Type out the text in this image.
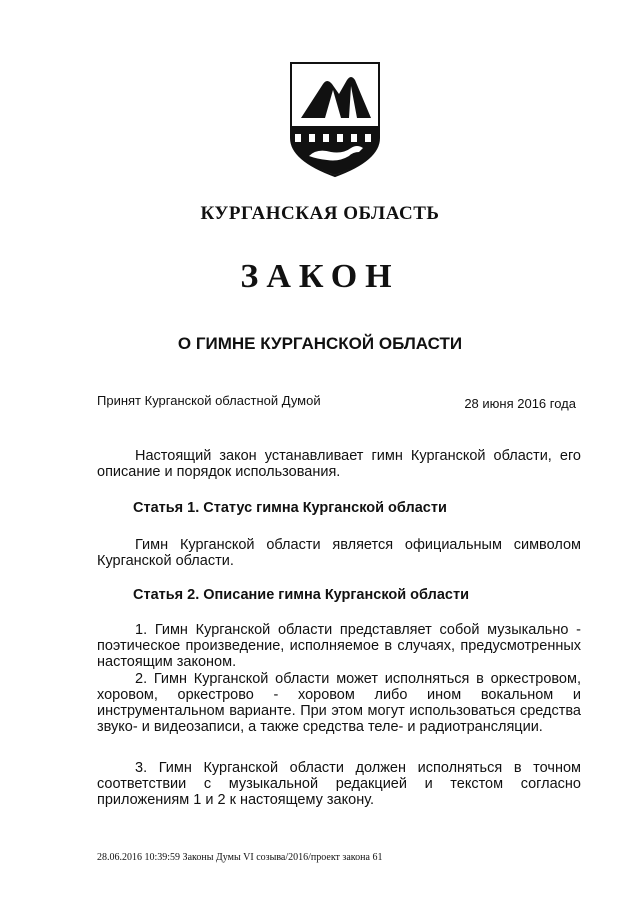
КУРГАНСКАЯ ОБЛАСТЬ
ЗАКОН
О ГИМНЕ КУРГАНСКОЙ ОБЛАСТИ
Принят Курганской областной Думой	28 июня 2016 года
Настоящий закон устанавливает гимн Курганской области, его описание и порядок использования.
Статья 1. Статус гимна Курганской области
Гимн Курганской области является официальным символом Курганской области.
Статья 2. Описание гимна Курганской области
1. Гимн Курганской области представляет собой музыкально - поэтическое произведение, исполняемое в случаях, предусмотренных настоящим законом.
2. Гимн Курганской области может исполняться в оркестровом, хоровом, оркестрово - хоровом либо ином вокальном и инструментальном варианте. При этом могут использоваться средства звуко- и видеозаписи, а также средства теле- и радиотрансляции.
3. Гимн Курганской области должен исполняться в точном соответствии с музыкальной редакцией и текстом согласно приложениям 1 и 2 к настоящему закону.
28.06.2016 10:39:59 Законы Думы VI созыва/2016/проект закона 61
